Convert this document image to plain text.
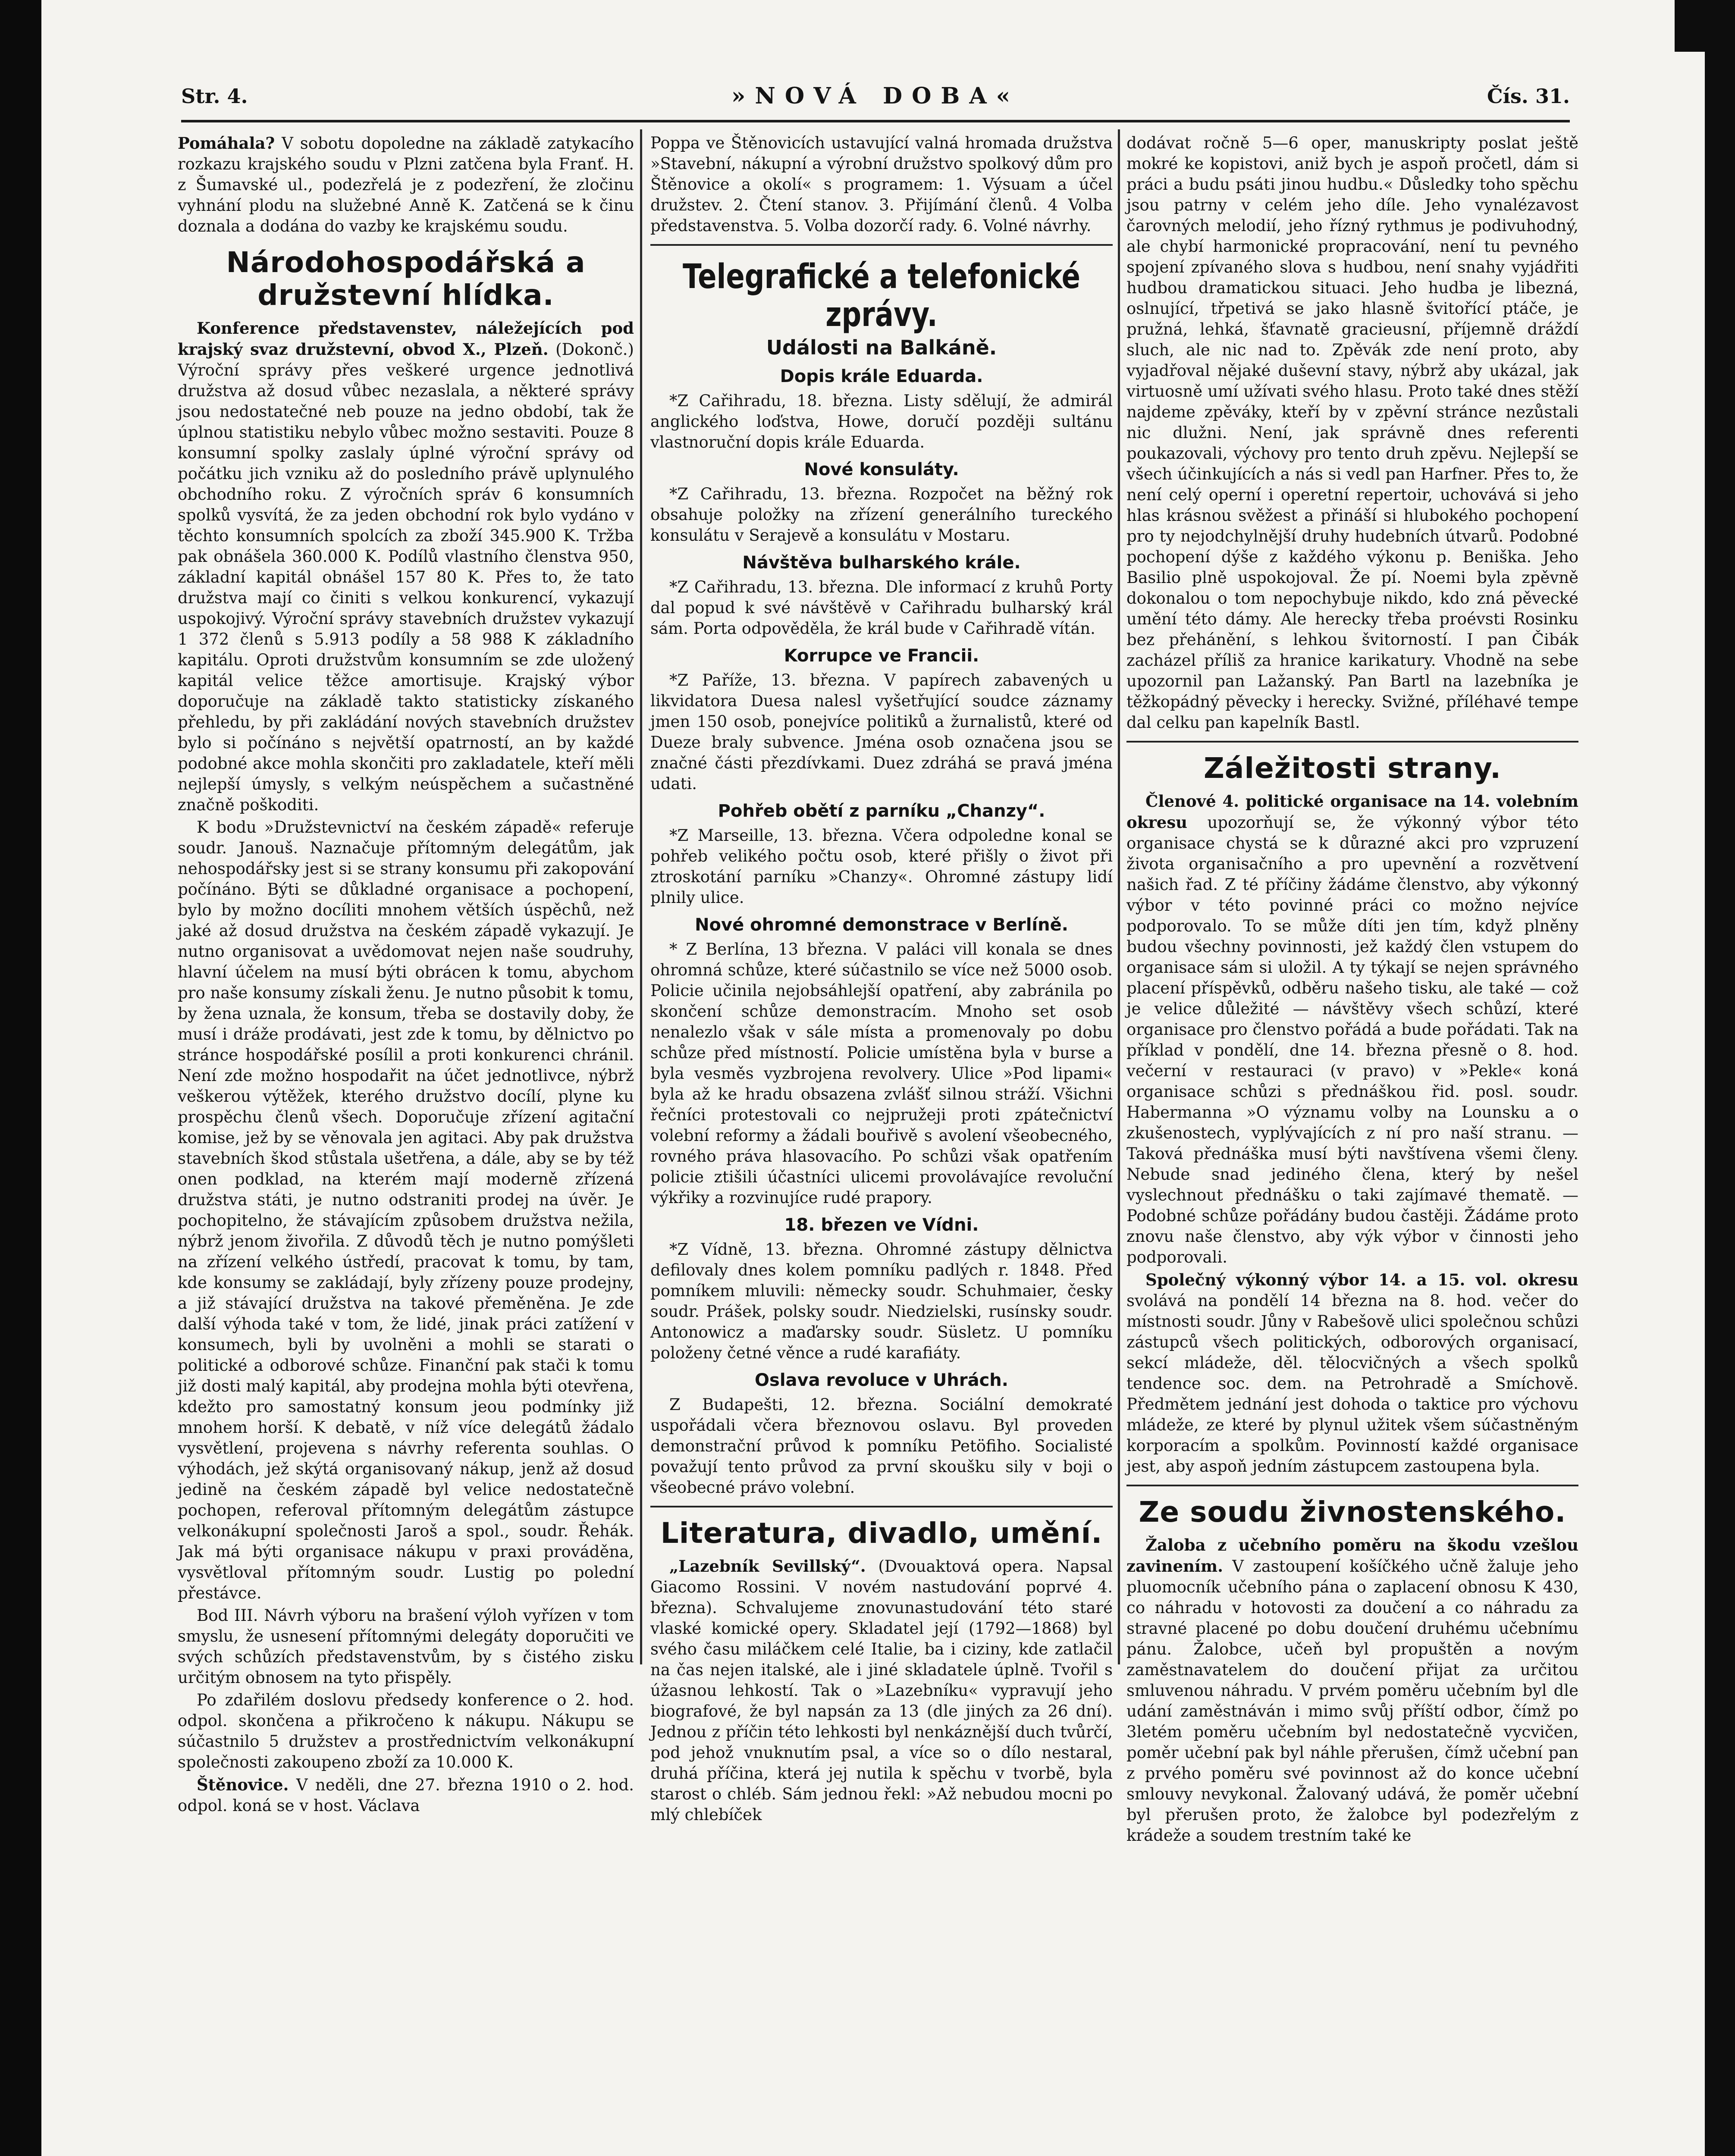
Str. 4.	»NOVÁ DOBA«	Čís. 31.

Pomáhala? V sobotu dopoledne na základě zatykacího rozkazu krajského soudu v Plzni zatčena byla Franť. H. z Šumavské ul., podezřelá je z podezření, že zločinu vyhnání plodu na služebné Anně K. Zatčená se k činu doznala a dodána do vazby ke krajskému soudu.

Národohospodářská a družstevní hlídka.

Konference představenstev, náležejících pod krajský svaz družstevní, obvod X., Plzeň. (Dokonč.) Výroční správy přes veškeré urgence jednotlivá družstva až dosud vůbec nezaslala, a některé správy jsou nedostatečné neb pouze na jedno období, tak že úplnou statistiku nebylo vůbec možno sestaviti. Pouze 8 konsumní spolky zaslaly úplné výroční správy od počátku jich vzniku až do posledního právě uplynulého obchodního roku. Z výročních správ 6 konsumních spolků vysvítá, že za jeden obchodní rok bylo vydáno v těchto konsumních spolcích za zboží 345.900 K. Tržba pak obnášela 360.000 K. Podílů vlastního členstva 950, základní kapitál obnášel 157 80 K. Přes to, že tato družstva mají co činiti s velkou konkurencí, vykazují uspokojivý. Výroční správy stavebních družstev vykazují 1 372 členů s 5.913 podíly a 58 988 K základního kapitálu. Oproti družstvům konsumním se zde uložený kapitál velice těžce amortisuje. Krajský výbor doporučuje na základě takto statisticky získaného přehledu, by při zakládání nových stavebních družstev bylo si počínáno s největší opatrností, an by každé podobné akce mohla skončiti pro zakladatele, kteří měli nejlepší úmysly, s velkým neúspěchem a sučastněné značně poškoditi.

K bodu »Družstevnictví na českém západě« referuje soudr. Janouš. Naznačuje přítomným delegátům, jak nehospodářsky jest si se strany konsumu při zakopování počínáno. Býti se důkladné organisace a pochopení, bylo by možno docíliti mnohem větších úspěchů, než jaké až dosud družstva na českém západě vykazují. Je nutno organisovat a uvědomovat nejen naše soudruhy, hlavní účelem na musí býti obrácen k tomu, abychom pro naše konsumy získali ženu. Je nutno působit k tomu, by žena uznala, že konsum, třeba se dostavily doby, že musí i dráže prodávati, jest zde k tomu, by dělnictvo po stránce hospodářské posílil a proti konkurenci chránil. Není zde možno hospodařit na účet jednotlivce, nýbrž veškerou výtěžek, kterého družstvo docílí, plyne ku prospěchu členů všech. Doporučuje zřízení agitační komise, jež by se věnovala jen agitaci. Aby pak družstva stavebních škod stůstala ušetřena, a dále, aby se by též onen podklad, na kterém mají moderně zřízená družstva státi, je nutno odstraniti prodej na úvěr. Je pochopitelno, že stávajícím způsobem družstva nežila, nýbrž jenom živořila. Z důvodů těch je nutno pomýšleti na zřízení velkého ústředí, pracovat k tomu, by tam, kde konsumy se zakládají, byly zřízeny pouze prodejny, a již stávající družstva na takové přeměněna. Je zde další výhoda také v tom, že lidé, jinak práci zatížení v konsumech, byli by uvolněni a mohli se starati o politické a odborové schůze. Finanční pak stači k tomu již dosti malý kapitál, aby prodejna mohla býti otevřena, kdežto pro samostatný konsum jeou podmínky již mnohem horší. K debatě, v níž více delegátů žádalo vysvětlení, projevena s návrhy referenta souhlas. O výhodách, jež skýtá organisovaný nákup, jenž až dosud jedině na českém západě byl velice nedostatečně pochopen, referoval přítomným delegátům zástupce velkonákupní společnosti Jaroš a spol., soudr. Řehák. Jak má býti organisace nákupu v praxi prováděna, vysvětloval přítomným soudr. Lustig po polední přestávce.

Bod III. Návrh výboru na brašení výloh vyřízen v tom smyslu, že usnesení přítomnými delegáty doporučiti ve svých schůzích představenstvům, by s čistého zisku určitým obnosem na tyto přispěly.

Po zdařilém doslovu předsedy konference o 2. hod. odpol. skončena a přikročeno k nákupu. Nákupu se súčastnilo 5 družstev a prostřednictvím velkonákupní společnosti zakoupeno zboží za 10.000 K.

Štěnovice. V neděli, dne 27. března 1910 o 2. hod. odpol. koná se v host. Václava

Poppa ve Štěnovicích ustavující valná hromada družstva »Stavební, nákupní a výrobní družstvo spolkový dům pro Štěnovice a okolí« s programem: 1. Výsuam a účel družstev. 2. Čtení stanov. 3. Přijímání členů. 4 Volba představenstva. 5. Volba dozorčí rady. 6. Volné návrhy.

Telegrafické a telefonické zprávy.
Události na Balkáně.
Dopis krále Eduarda.

*Z Cařihradu, 18. března. Listy sdělují, že admirál anglického loďstva, Howe, doručí později sultánu vlastnoruční dopis krále Eduarda.

Nové konsuláty.

*Z Cařihradu, 13. března. Rozpočet na běžný rok obsahuje položky na zřízení generálního tureckého konsulátu v Serajevě a konsulátu v Mostaru.

Návštěva bulharského krále.

*Z Cařihradu, 13. března. Dle informací z kruhů Porty dal popud k své návštěvě v Cařihradu bulharský král sám. Porta odpověděla, že král bude v Cařihradě vítán.

Korrupce ve Francii.

*Z Paříže, 13. března. V papírech zabavených u likvidatora Duesa nalesl vyšetřující soudce záznamy jmen 150 osob, ponejvíce politiků a žurnalistů, které od Dueze braly subvence. Jména osob označena jsou se značné části přezdívkami. Duez zdráhá se pravá jména udati.

Pohřeb obětí z parníku „Chanzy“.

*Z Marseille, 13. března. Včera odpoledne konal se pohřeb velikého počtu osob, které přišly o život při ztroskotání parníku »Chanzy«. Ohromné zástupy lidí plnily ulice.

Nové ohromné demonstrace v Berlíně.

* Z Berlína, 13 března. V paláci vill konala se dnes ohromná schůze, které súčastnilo se více než 5000 osob. Policie učinila nejobsáhlejší opatření, aby zabránila po skončení schůze demonstracím. Mnoho set osob nenalezlo však v sále místa a promenovaly po dobu schůze před místností. Policie umístěna byla v burse a byla vesměs vyzbrojena revolvery. Ulice »Pod lipami« byla až ke hradu obsazena zvlášť silnou stráží. Všichni řečníci protestovali co nejpružeji proti zpátečnictví volební reformy a žádali bouřivě s avolení všeobecného, rovného práva hlasovacího. Po schůzi však opatřením policie ztišili účastníci ulicemi provolávajíce revoluční výkřiky a rozvinujíce rudé prapory.

18. březen ve Vídni.

*Z Vídně, 13. března. Ohromné zástupy dělnictva defilovaly dnes kolem pomníku padlých r. 1848. Před pomníkem mluvili: německy soudr. Schuhmaier, česky soudr. Prášek, polsky soudr. Niedzielski, rusínsky soudr. Antonowicz a maďarsky soudr. Süsletz. U pomníku položeny četné věnce a rudé karafiáty.

Oslava revoluce v Uhrách.

Z Budapešti, 12. března. Sociální demokraté uspořádali včera březnovou oslavu. Byl proveden demonstrační průvod k pomníku Petöfiho. Socialisté považují tento průvod za první skoušku sily v boji o všeobecné právo volební.

Literatura, divadlo, umění.

„Lazebník Sevillský“. (Dvouaktová opera. Napsal Giacomo Rossini. V novém nastudování poprvé 4. března). Schvalujeme znovunastudování této staré vlaské komické opery. Skladatel její (1792—1868) byl svého času miláčkem celé Italie, ba i ciziny, kde zatlačil na čas nejen italské, ale i jiné skladatele úplně. Tvořil s úžasnou lehkostí. Tak o »Lazebníku« vypravují jeho biografové, že byl napsán za 13 (dle jiných za 26 dní). Jednou z příčin této lehkosti byl nenkáznější duch tvůrčí, pod jehož vnuknutím psal, a více so o dílo nestaral, druhá příčina, která jej nutila k spěchu v tvorbě, byla starost o chléb. Sám jednou řekl: »Až nebudou mocni po mlý chlebíček

dodávat ročně 5—6 oper, manuskripty poslat ještě mokré ke kopistovi, aniž bych je aspoň pročetl, dám si práci a budu psáti jinou hudbu.« Důsledky toho spěchu jsou patrny v celém jeho díle. Jeho vynalézavost čarovných melodií, jeho řízný rythmus je podivuhodný, ale chybí harmonické propracování, není tu pevného spojení zpívaného slova s hudbou, není snahy vyjádřiti hudbou dramatickou situaci. Jeho hudba je libezná, oslnující, třpetivá se jako hlasně švitořící ptáče, je pružná, lehká, šťavnatě gracieusní, příjemně dráždí sluch, ale nic nad to. Zpěvák zde není proto, aby vyjadřoval nějaké duševní stavy, nýbrž aby ukázal, jak virtuosně umí užívati svého hlasu. Proto také dnes stěží najdeme zpěváky, kteří by v zpěvní stránce nezůstali nic dlužni. Není, jak správně dnes referenti poukazovali, výchovy pro tento druh zpěvu. Nejlepší se všech účinkujících a nás si vedl pan Harfner. Přes to, že není celý operní i operetní repertoir, uchovává si jeho hlas krásnou svěžest a přináší si hlubokého pochopení pro ty nejodchylnější druhy hudebních útvarů. Podobné pochopení dýše z každého výkonu p. Beniška. Jeho Basilio plně uspokojoval. Že pí. Noemi byla zpěvně dokonalou o tom nepochybuje nikdo, kdo zná pěvecké umění této dámy. Ale herecky třeba proévsti Rosinku bez přehánění, s lehkou švitorností. I pan Čibák zacházel příliš za hranice karikatury. Vhodně na sebe upozornil pan Lažanský. Pan Bartl na lazebníka je těžkopádný pěvecky i herecky. Svižné, příléhavé tempe dal celku pan kapelník Bastl.

Záležitosti strany.

Členové 4. politické organisace na 14. volebním okresu upozorňují se, že výkonný výbor této organisace chystá se k důrazné akci pro vzpruzení života organisačního a pro upevnění a rozvětvení našich řad. Z té příčiny žádáme členstvo, aby výkonný výbor v této povinné práci co možno nejvíce podporovalo. To se může díti jen tím, když plněny budou všechny povinnosti, jež každý člen vstupem do organisace sám si uložil. A ty týkají se nejen správného placení příspěvků, odběru našeho tisku, ale také — což je velice důležité — návštěvy všech schůzí, které organisace pro členstvo pořádá a bude pořádati. Tak na příklad v pondělí, dne 14. března přesně o 8. hod. večerní v restauraci (v pravo) v »Pekle« koná organisace schůzi s přednáškou řid. posl. soudr. Habermanna »O významu volby na Lounsku a o zkušenostech, vyplývajících z ní pro naší stranu. — Taková přednáška musí býti navštívena všemi členy. Nebude snad jediného člena, který by nešel vyslechnout přednášku o taki zajímavé thematě. — Podobné schůze pořádány budou častěji. Žádáme proto znovu naše členstvo, aby výk výbor v činnosti jeho podporovali.

Společný výkonný výbor 14. a 15. vol. okresu svolává na pondělí 14 března na 8. hod. večer do místnosti soudr. Jůny v Rabešově ulici společnou schůzi zástupců všech politických, odborových organisací, sekcí mládeže, děl. tělocvičných a všech spolků tendence soc. dem. na Petrohradě a Smíchově. Předmětem jednání jest dohoda o taktice pro výchovu mládeže, ze které by plynul užitek všem súčastněným korporacím a spolkům. Povinností každé organisace jest, aby aspoň jedním zástupcem zastoupena byla.

Ze soudu živnostenského.

Žaloba z učebního poměru na škodu vzešlou zavinením. V zastoupení košíčkého učně žaluje jeho pluomocník učebního pána o zaplacení obnosu K 430, co náhradu v hotovosti za doučení a co náhradu za stravné placené po dobu doučení druhému učebnímu pánu. Žalobce, učeň byl propuštěn a novým zaměstnavatelem do doučení přijat za určitou smluvenou náhradu. V prvém poměru učebním byl dle udání zaměstnáván i mimo svůj příští odbor, čímž po 3letém poměru učebním byl nedostatečně vycvičen, poměr učební pak byl náhle přerušen, čímž učební pan z prvého poměru své povinnost až do konce učební smlouvy nevykonal. Žalovaný udává, že poměr učební byl přerušen proto, že žalobce byl podezřelým z krádeže a soudem trestním také ke
